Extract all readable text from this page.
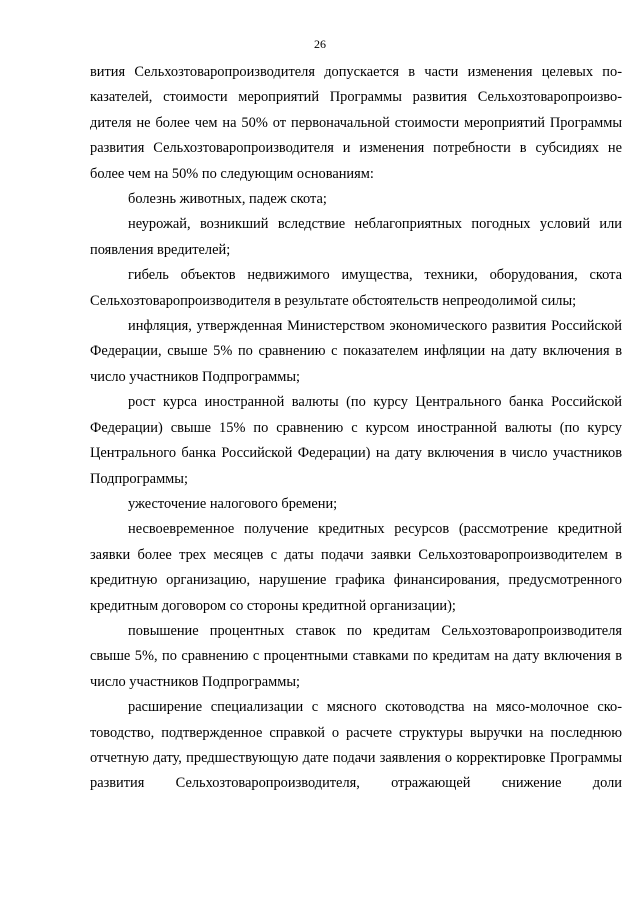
26

вития Сельхозтоваропроизводителя допускается в части изменения целевых показателей, стоимости мероприятий Программы развития Сельхозтоваропроизводителя не более чем на 50% от первоначальной стоимости мероприятий Программы развития Сельхозтоваропроизводителя и изменения потребности в субсидиях не более чем на 50% по следующим основаниям:

болезнь животных, падеж скота;

неурожай, возникший вследствие неблагоприятных погодных условий или появления вредителей;

гибель объектов недвижимого имущества, техники, оборудования, скота Сельхозтоваропроизводителя в результате обстоятельств непреодолимой силы;

инфляция, утвержденная Министерством экономического развития Российской Федерации, свыше 5% по сравнению с показателем инфляции на дату включения в число участников Подпрограммы;

рост курса иностранной валюты (по курсу Центрального банка Российской Федерации) свыше 15% по сравнению с курсом иностранной валюты (по курсу Центрального банка Российской Федерации) на дату включения в число участников Подпрограммы;

ужесточение налогового бремени;

несвоевременное получение кредитных ресурсов (рассмотрение кредитной заявки более трех месяцев с даты подачи заявки Сельхозтоваропроизводителем в кредитную организацию, нарушение графика финансирования, предусмотренного кредитным договором со стороны кредитной организации);

повышение процентных ставок по кредитам Сельхозтоваропроизводителя свыше 5%, по сравнению с процентными ставками по кредитам на дату включения в число участников Подпрограммы;

расширение специализации с мясного скотоводства на мясо-молочное скотоводство, подтвержденное справкой о расчете структуры выручки на последнюю отчетную дату, предшествующую дате подачи заявления о корректировке Программы развития Сельхозтоваропроизводителя, отражающей снижение доли
